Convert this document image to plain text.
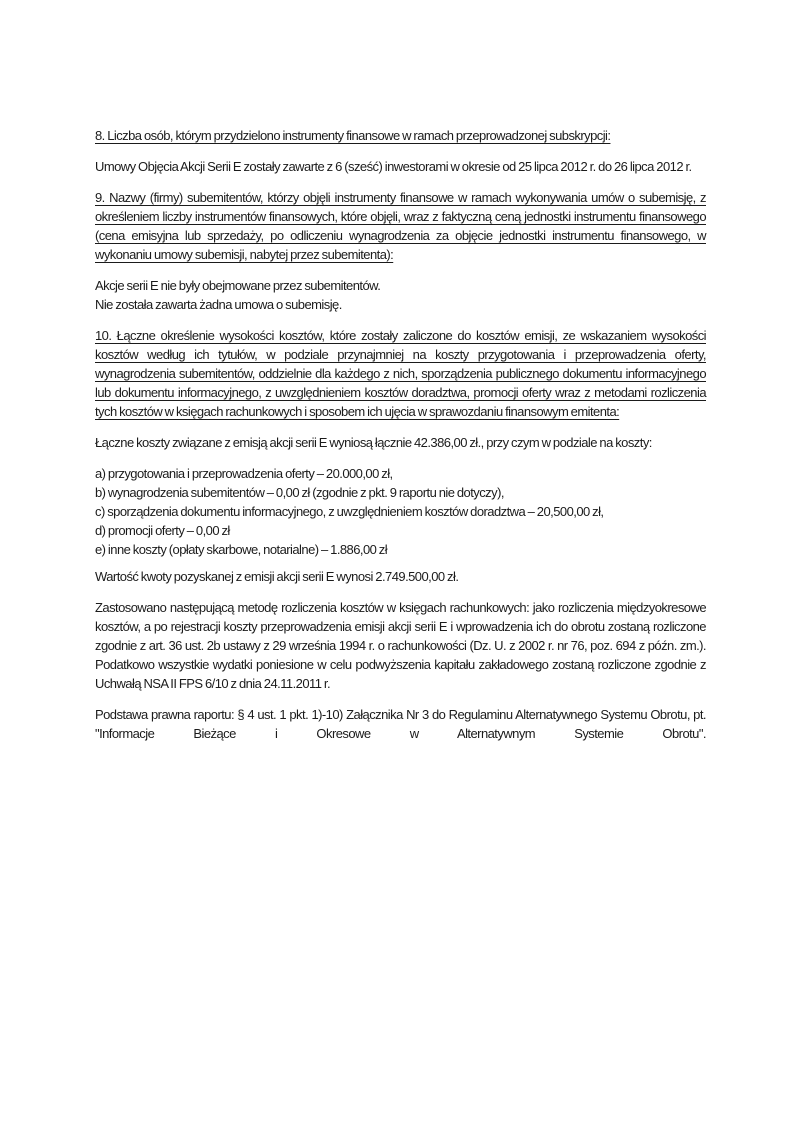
8. Liczba osób, którym przydzielono instrumenty finansowe w ramach przeprowadzonej subskrypcji:

Umowy Objęcia Akcji Serii E zostały zawarte z 6 (sześć) inwestorami w okresie od 25 lipca 2012 r. do 26 lipca 2012 r.

9. Nazwy (firmy) subemitentów, którzy objęli instrumenty finansowe w ramach wykonywania umów o subemisję, z określeniem liczby instrumentów finansowych, które objęli, wraz z faktyczną ceną jednostki instrumentu finansowego (cena emisyjna lub sprzedaży, po odliczeniu wynagrodzenia za objęcie jednostki instrumentu finansowego, w wykonaniu umowy subemisji, nabytej przez subemitenta):

Akcje serii E nie były obejmowane przez subemitentów.
Nie została zawarta żadna umowa o subemisję.

10. Łączne określenie wysokości kosztów, które zostały zaliczone do kosztów emisji, ze wskazaniem wysokości kosztów według ich tytułów, w podziale przynajmniej na koszty przygotowania i przeprowadzenia oferty, wynagrodzenia subemitentów, oddzielnie dla każdego z nich, sporządzenia publicznego dokumentu informacyjnego lub dokumentu informacyjnego, z uwzględnieniem kosztów doradztwa, promocji oferty wraz z metodami rozliczenia tych kosztów w księgach rachunkowych i sposobem ich ujęcia w sprawozdaniu finansowym emitenta:

Łączne koszty związane z emisją akcji serii E wyniosą łącznie 42.386,00 zł., przy czym w podziale na koszty:

a) przygotowania i przeprowadzenia oferty – 20.000,00 zł,
b) wynagrodzenia subemitentów – 0,00 zł (zgodnie z pkt. 9 raportu nie dotyczy),
c) sporządzenia dokumentu informacyjnego, z uwzględnieniem kosztów doradztwa – 20,500,00 zł,
d) promocji oferty – 0,00 zł
e) inne koszty (opłaty skarbowe, notarialne) – 1.886,00 zł

Wartość kwoty pozyskanej z emisji akcji serii E wynosi 2.749.500,00 zł.

Zastosowano następującą metodę rozliczenia kosztów w księgach rachunkowych: jako rozliczenia międzyokresowe kosztów, a po rejestracji koszty przeprowadzenia emisji akcji serii E i wprowadzenia ich do obrotu zostaną rozliczone zgodnie z art. 36 ust. 2b ustawy z 29 września 1994 r. o rachunkowości (Dz. U. z 2002 r. nr 76, poz. 694 z późn. zm.). Podatkowo wszystkie wydatki poniesione w celu podwyższenia kapitału zakładowego zostaną rozliczone zgodnie z Uchwałą NSA II FPS 6/10 z dnia 24.11.2011 r.

Podstawa prawna raportu: § 4 ust. 1 pkt. 1)-10) Załącznika Nr 3 do Regulaminu Alternatywnego Systemu Obrotu, pt. "Informacje Bieżące i Okresowe w Alternatywnym Systemie Obrotu".
